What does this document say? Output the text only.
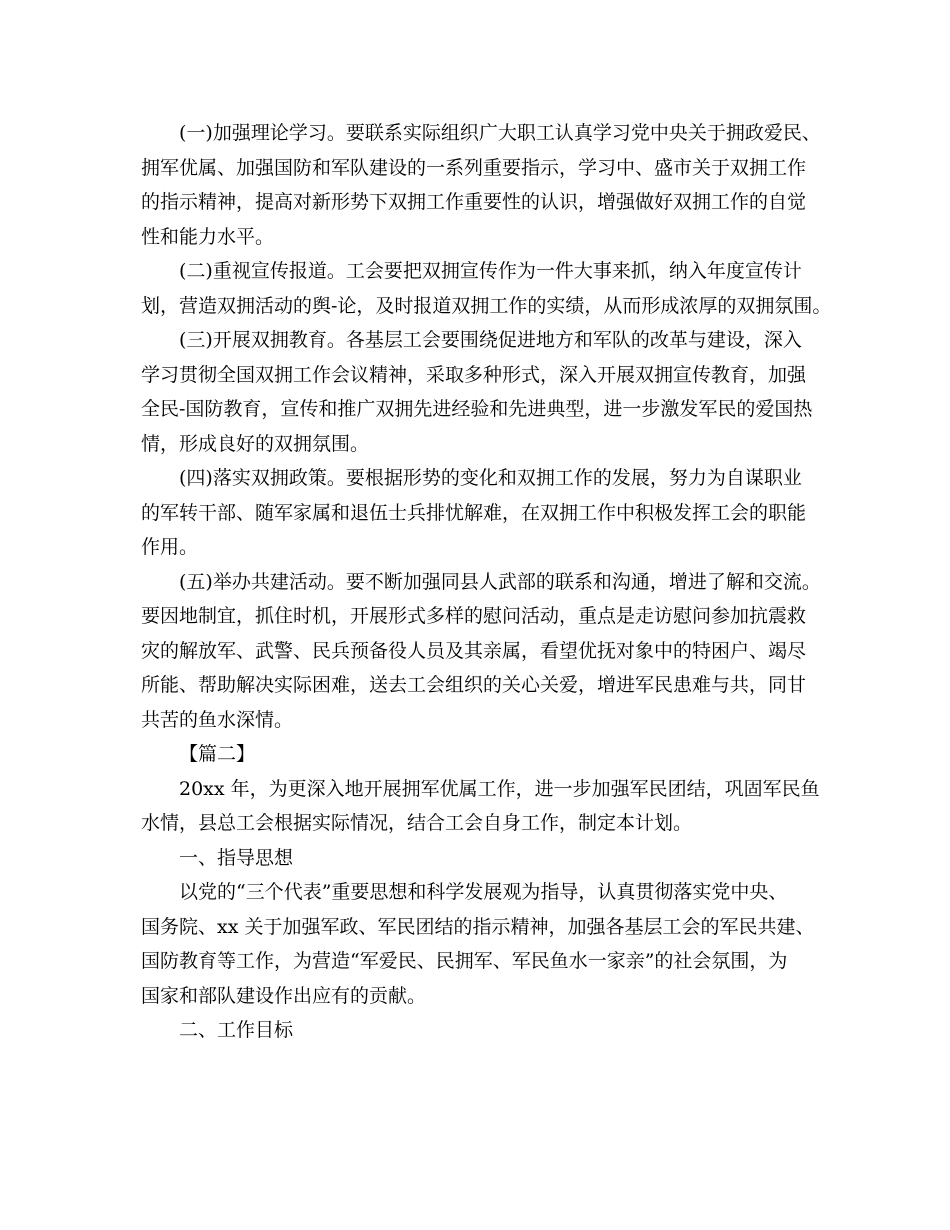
(一)加强理论学习。要联系实际组织广大职工认真学习党中央关于拥政爱民、
拥军优属、加强国防和军队建设的一系列重要指示，学习中、盛市关于双拥工作
的指示精神，提高对新形势下双拥工作重要性的认识，增强做好双拥工作的自觉
性和能力水平。
(二)重视宣传报道。工会要把双拥宣传作为一件大事来抓，纳入年度宣传计
划，营造双拥活动的舆-论，及时报道双拥工作的实绩，从而形成浓厚的双拥氛围。
(三)开展双拥教育。各基层工会要围绕促进地方和军队的改革与建设，深入
学习贯彻全国双拥工作会议精神，采取多种形式，深入开展双拥宣传教育，加强
全民-国防教育，宣传和推广双拥先进经验和先进典型，进一步激发军民的爱国热
情，形成良好的双拥氛围。
(四)落实双拥政策。要根据形势的变化和双拥工作的发展，努力为自谋职业
的军转干部、随军家属和退伍士兵排忧解难，在双拥工作中积极发挥工会的职能
作用。
(五)举办共建活动。要不断加强同县人武部的联系和沟通，增进了解和交流。
要因地制宜，抓住时机，开展形式多样的慰问活动，重点是走访慰问参加抗震救
灾的解放军、武警、民兵预备役人员及其亲属，看望优抚对象中的特困户、竭尽
所能、帮助解决实际困难，送去工会组织的关心关爱，增进军民患难与共，同甘
共苦的鱼水深情。
【篇二】
20xx 年，为更深入地开展拥军优属工作，进一步加强军民团结，巩固军民鱼
水情，县总工会根据实际情况，结合工会自身工作，制定本计划。
一、指导思想
以党的“三个代表”重要思想和科学发展观为指导，认真贯彻落实党中央、
国务院、xx 关于加强军政、军民团结的指示精神，加强各基层工会的军民共建、
国防教育等工作，为营造“军爱民、民拥军、军民鱼水一家亲”的社会氛围，为
国家和部队建设作出应有的贡献。
二、工作目标
